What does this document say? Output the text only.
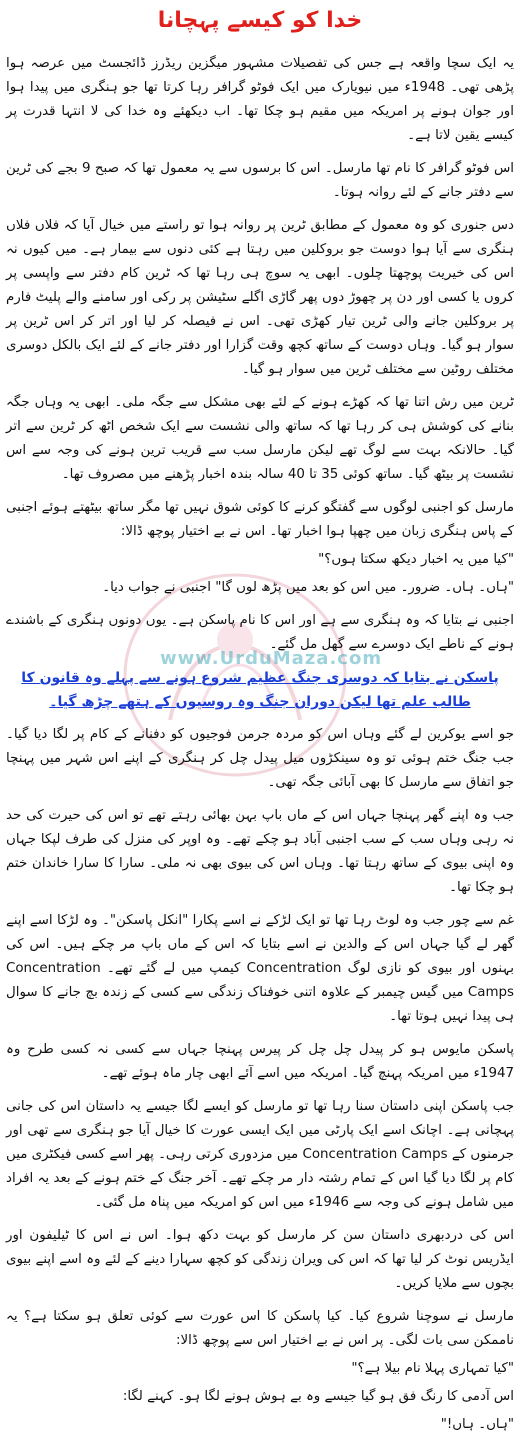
www.UrduMaza.com
خدا کو کیسے پہچانا

یہ ایک سچا واقعہ ہے جس کی تفصیلات مشہور میگزین ریڈرز ڈائجسٹ میں عرصہ ہوا پڑھی تھی۔ 1948ء میں نیویارک میں ایک فوٹو گرافر رہا کرتا تھا جو ہنگری میں پیدا ہوا اور جوان ہونے پر امریکہ میں مقیم ہو چکا تھا۔ اب دیکھئے وہ خدا کی لا انتہا قدرت پر کیسے یقین لاتا ہے۔

اس فوٹو گرافر کا نام تھا مارسل۔ اس کا برسوں سے یہ معمول تھا کہ صبح 9 بجے کی ٹرین سے دفتر جانے کے لئے روانہ ہوتا۔

دس جنوری کو وہ معمول کے مطابق ٹرین پر روانہ ہوا تو راستے میں خیال آیا کہ فلاں فلاں ہنگری سے آیا ہوا دوست جو بروکلین میں رہتا ہے کئی دنوں سے بیمار ہے۔ میں کیوں نہ اس کی خیریت پوچھتا چلوں۔ ابھی یہ سوچ ہی رہا تھا کہ ٹرین کام دفتر سے واپسی پر کروں یا کسی اور دن پر چھوڑ دوں پھر گاڑی اگلے سٹیشن پر رکی اور سامنے والے پلیٹ فارم پر بروکلین جانے والی ٹرین تیار کھڑی تھی۔ اس نے فیصلہ کر لیا اور اتر کر اس ٹرین پر سوار ہو گیا۔ وہاں دوست کے ساتھ کچھ وقت گزارا اور دفتر جانے کے لئے ایک بالکل دوسری مختلف روٹین سے مختلف ٹرین میں سوار ہو گیا۔

ٹرین میں رش اتنا تھا کہ کھڑے ہونے کے لئے بھی مشکل سے جگہ ملی۔ ابھی یہ وہاں جگہ بنانے کی کوشش ہی کر رہا تھا کہ ساتھ والی نشست سے ایک شخص اٹھ کر ٹرین سے اتر گیا۔ حالانکہ بہت سے لوگ تھے لیکن مارسل سب سے قریب ترین ہونے کی وجہ سے اس نشست پر بیٹھ گیا۔ ساتھ کوئی 35 تا 40 سالہ بندہ اخبار پڑھنے میں مصروف تھا۔

مارسل کو اجنبی لوگوں سے گفتگو کرنے کا کوئی شوق نہیں تھا مگر ساتھ بیٹھتے ہوئے اجنبی کے پاس ہنگری زبان میں چھپا ہوا اخبار تھا۔ اس نے بے اختیار پوچھ ڈالا:

"کیا میں یہ اخبار دیکھ سکتا ہوں؟"

"ہاں۔ ہاں۔ ضرور۔ میں اس کو بعد میں پڑھ لوں گا" اجنبی نے جواب دیا۔

اجنبی نے بتایا کہ وہ ہنگری سے ہے اور اس کا نام پاسکن ہے۔ یوں دونوں ہنگری کے باشندے ہونے کے ناطے ایک دوسرے سے گھل مل گئے۔

پاسکن نے بتایا کہ دوسری جنگ عظیم شروع ہونے سے پہلے وہ قانون کا طالب علم تھا لیکن دوران جنگ وہ روسیوں کے ہتھے چڑھ گیا۔

جو اسے یوکرین لے گئے وہاں اس کو مردہ جرمن فوجیوں کو دفنانے کے کام پر لگا دیا گیا۔ جب جنگ ختم ہوئی تو وہ سینکڑوں میل پیدل چل کر ہنگری کے اپنے اس شہر میں پہنچا جو اتفاق سے مارسل کا بھی آبائی جگہ تھی۔

جب وہ اپنے گھر پہنچا جہاں اس کے ماں باپ بہن بھائی رہتے تھے تو اس کی حیرت کی حد نہ رہی وہاں سب کے سب اجنبی آباد ہو چکے تھے۔ وہ اوپر کی منزل کی طرف لپکا جہاں وہ اپنی بیوی کے ساتھ رہتا تھا۔ وہاں اس کی بیوی بھی نہ ملی۔ سارا کا سارا خاندان ختم ہو چکا تھا۔

غم سے چور جب وہ لوٹ رہا تھا تو ایک لڑکے نے اسے پکارا "انکل پاسکن"۔ وہ لڑکا اسے اپنے گھر لے گیا جہاں اس کے والدین نے اسے بتایا کہ اس کے ماں باپ مر چکے ہیں۔ اس کی بہنوں اور بیوی کو نازی لوگ Concentration کیمپ میں لے گئے تھے۔ Concentration Camps میں گیس چیمبر کے علاوہ اتنی خوفناک زندگی سے کسی کے زندہ بچ جانے کا سوال ہی پیدا نہیں ہوتا تھا۔

پاسکن مایوس ہو کر پیدل چل چل کر پیرس پہنچا جہاں سے کسی نہ کسی طرح وہ 1947ء میں امریکہ پہنچ گیا۔ امریکہ میں اسے آئے ابھی چار ماہ ہوئے تھے۔

جب پاسکن اپنی داستان سنا رہا تھا تو مارسل کو ایسے لگا جیسے یہ داستان اس کی جانی پہچانی ہے۔ اچانک اسے ایک پارٹی میں ایک ایسی عورت کا خیال آیا جو ہنگری سے تھی اور جرمنوں کے Concentration Camps میں مزدوری کرتی رہی۔ پھر اسے کسی فیکٹری میں کام پر لگا دیا گیا اس کے تمام رشتہ دار مر چکے تھے۔ آخر جنگ کے ختم ہونے کے بعد یہ افراد میں شامل ہونے کی وجہ سے 1946ء میں اس کو امریکہ میں پناہ مل گئی۔

اس کی دردبھری داستان سن کر مارسل کو بہت دکھ ہوا۔ اس نے اس کا ٹیلیفون اور ایڈریس نوٹ کر لیا تھا کہ اس کی ویران زندگی کو کچھ سہارا دینے کے لئے وہ اسے اپنے بیوی بچوں سے ملایا کریں۔

مارسل نے سوچنا شروع کیا۔ کیا پاسکن کا اس عورت سے کوئی تعلق ہو سکتا ہے؟ یہ ناممکن سی بات لگی۔ پر اس نے بے اختیار اس سے پوچھ ڈالا:

"کیا تمہاری پہلا نام بیلا ہے؟"

اس آدمی کا رنگ فق ہو گیا جیسے وہ بے ہوش ہونے لگا ہو۔ کہنے لگا:

"ہاں۔ ہاں!"
